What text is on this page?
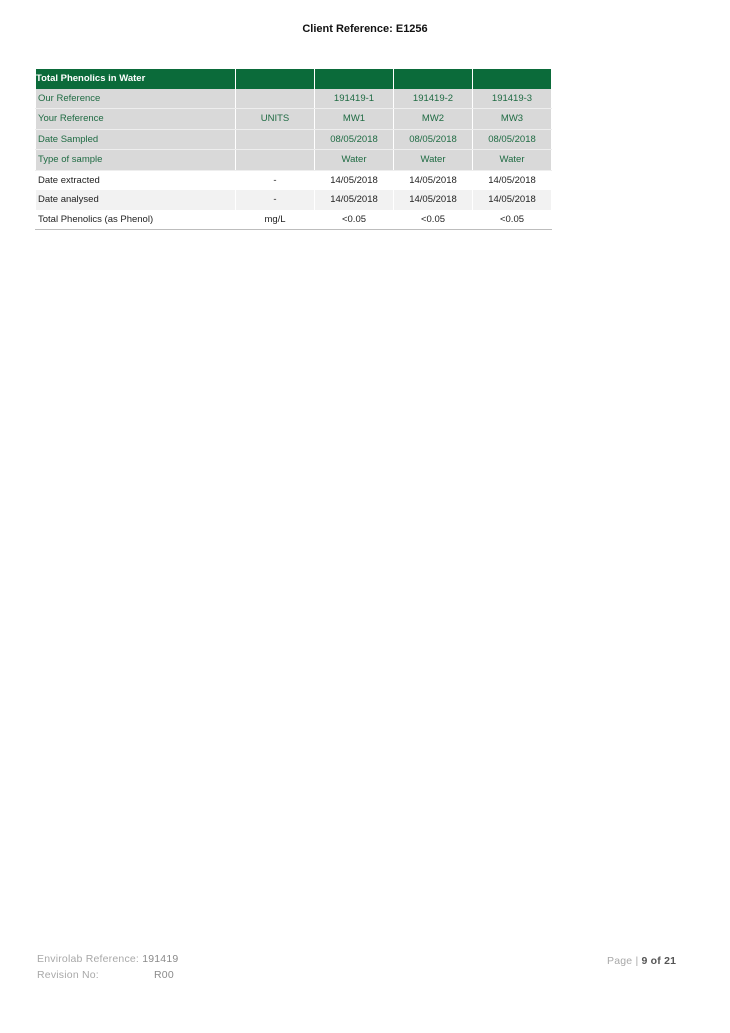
Client Reference: E1256
Total Phenolics in Water				
Our Reference		191419-1	191419-2	191419-3
Your Reference	UNITS	MW1	MW2	MW3
Date Sampled		08/05/2018	08/05/2018	08/05/2018
Type of sample		Water	Water	Water
Date extracted	-	14/05/2018	14/05/2018	14/05/2018
Date analysed	-	14/05/2018	14/05/2018	14/05/2018
Total Phenolics (as Phenol)	mg/L	<0.05	<0.05	<0.05
Envirolab Reference: 191419
Revision No:	R00
Page | 9 of 21
